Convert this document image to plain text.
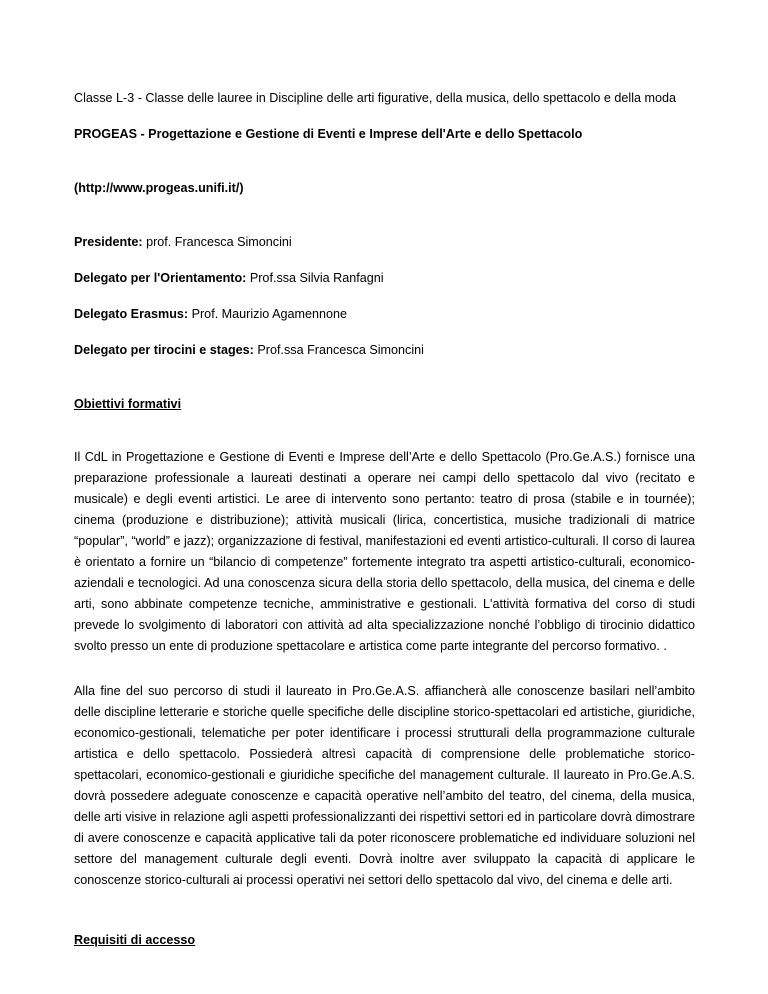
Classe L-3 - Classe delle lauree in Discipline delle arti figurative, della musica, dello spettacolo e della moda
PROGEAS - Progettazione e Gestione di Eventi e Imprese dell'Arte e dello Spettacolo
(http://www.progeas.unifi.it/)
Presidente: prof. Francesca Simoncini
Delegato per l'Orientamento: Prof.ssa Silvia Ranfagni
Delegato Erasmus: Prof. Maurizio Agamennone
Delegato per tirocini e stages: Prof.ssa Francesca Simoncini
Obiettivi formativi

Il CdL in Progettazione e Gestione di Eventi e Imprese dell’Arte e dello Spettacolo (Pro.Ge.A.S.) fornisce una preparazione professionale a laureati destinati a operare nei campi dello spettacolo dal vivo (recitato e musicale) e degli eventi artistici. Le aree di intervento sono pertanto: teatro di prosa (stabile e in tournée); cinema (produzione e distribuzione); attività musicali (lirica, concertistica, musiche tradizionali di matrice “popular”, “world” e jazz); organizzazione di festival, manifestazioni ed eventi artistico-culturali. Il corso di laurea è orientato a fornire un “bilancio di competenze” fortemente integrato tra aspetti artistico-culturali, economico-aziendali e tecnologici. Ad una conoscenza sicura della storia dello spettacolo, della musica, del cinema e delle arti, sono abbinate competenze tecniche, amministrative e gestionali. L'attività formativa del corso di studi prevede lo svolgimento di laboratori con attività ad alta specializzazione nonché l’obbligo di tirocinio didattico svolto presso un ente di produzione spettacolare e artistica come parte integrante del percorso formativo. .

Alla fine del suo percorso di studi il laureato in Pro.Ge.A.S. affiancherà alle conoscenze basilari nell’ambito delle discipline letterarie e storiche quelle specifiche delle discipline storico-spettacolari ed artistiche, giuridiche, economico-gestionali, telematiche per poter identificare i processi strutturali della programmazione culturale artistica e dello spettacolo. Possiederà altresì capacità di comprensione delle problematiche storico-spettacolari, economico-gestionali e giuridiche specifiche del management culturale. Il laureato in Pro.Ge.A.S. dovrà possedere adeguate conoscenze e capacità operative nell’ambito del teatro, del cinema, della musica, delle arti visive in relazione agli aspetti professionalizzanti dei rispettivi settori ed in particolare dovrà dimostrare di avere conoscenze e capacità applicative tali da poter riconoscere problematiche ed individuare soluzioni nel settore del management culturale degli eventi. Dovrà inoltre aver sviluppato la capacità di applicare le conoscenze storico-culturali ai processi operativi nei settori dello spettacolo dal vivo, del cinema e delle arti.

Requisiti di accesso
